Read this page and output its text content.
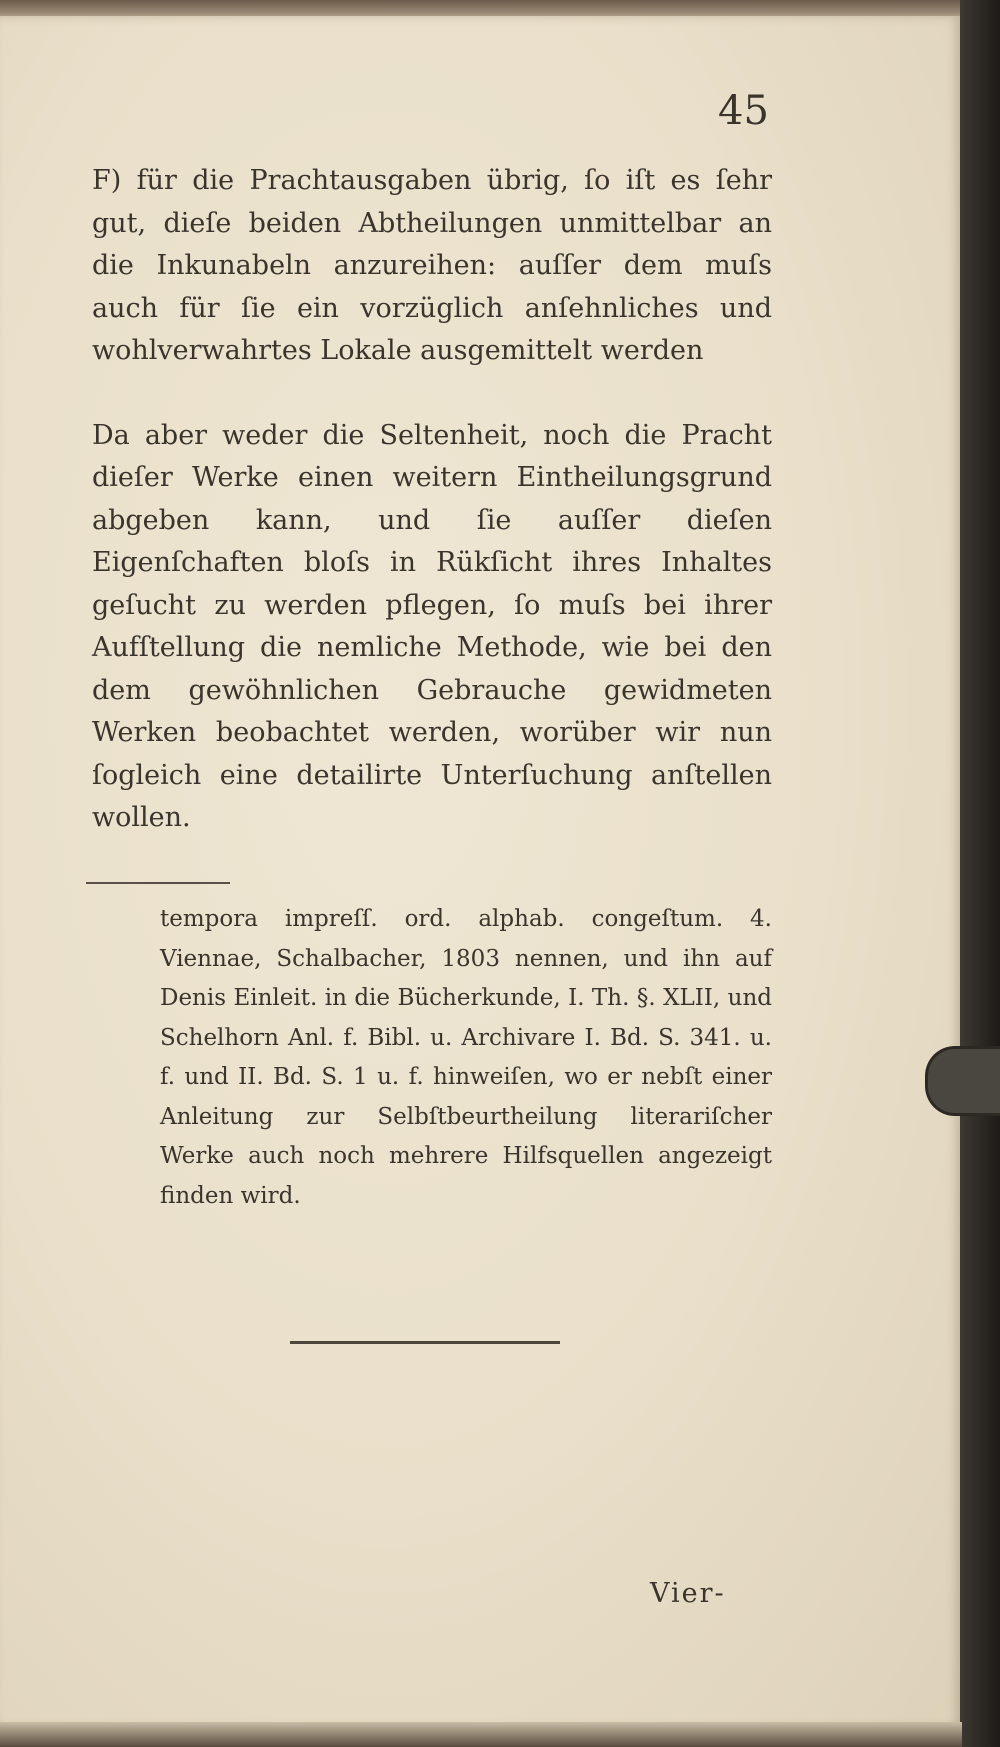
45

F) für die Prachtausgaben übrig, ſo iſt es ſehr gut, dieſe beiden Abtheilungen unmittelbar an die Inkunabeln anzureihen: auſſer dem muſs auch für ſie ein vorzüglich anſehnliches und wohlverwahrtes Lokale ausgemittelt werden

Da aber weder die Seltenheit, noch die Pracht dieſer Werke einen weitern Eintheilungsgrund abgeben kann, und ſie auſſer dieſen Eigenſchaften bloſs in Rükſicht ihres Inhaltes geſucht zu werden pflegen, ſo muſs bei ihrer Aufſtellung die nemliche Methode, wie bei den dem gewöhnlichen Gebrauche gewidmeten Werken beobachtet werden, worüber wir nun ſogleich eine detailirte Unterſuchung anſtellen wollen.

tempora impreſſ. ord. alphab. congeſtum. 4. Viennae, Schalbacher, 1803 nennen, und ihn auf Denis Einleit. in die Bücherkunde, I. Th. §. XLII, und Schelhorn Anl. f. Bibl. u. Archivare I. Bd. S. 341. u. f. und II. Bd. S. 1 u. f. hinweiſen, wo er nebſt einer Anleitung zur Selbſtbeurtheilung literariſcher Werke auch noch mehrere Hilfsquellen angezeigt finden wird.
Vier-
